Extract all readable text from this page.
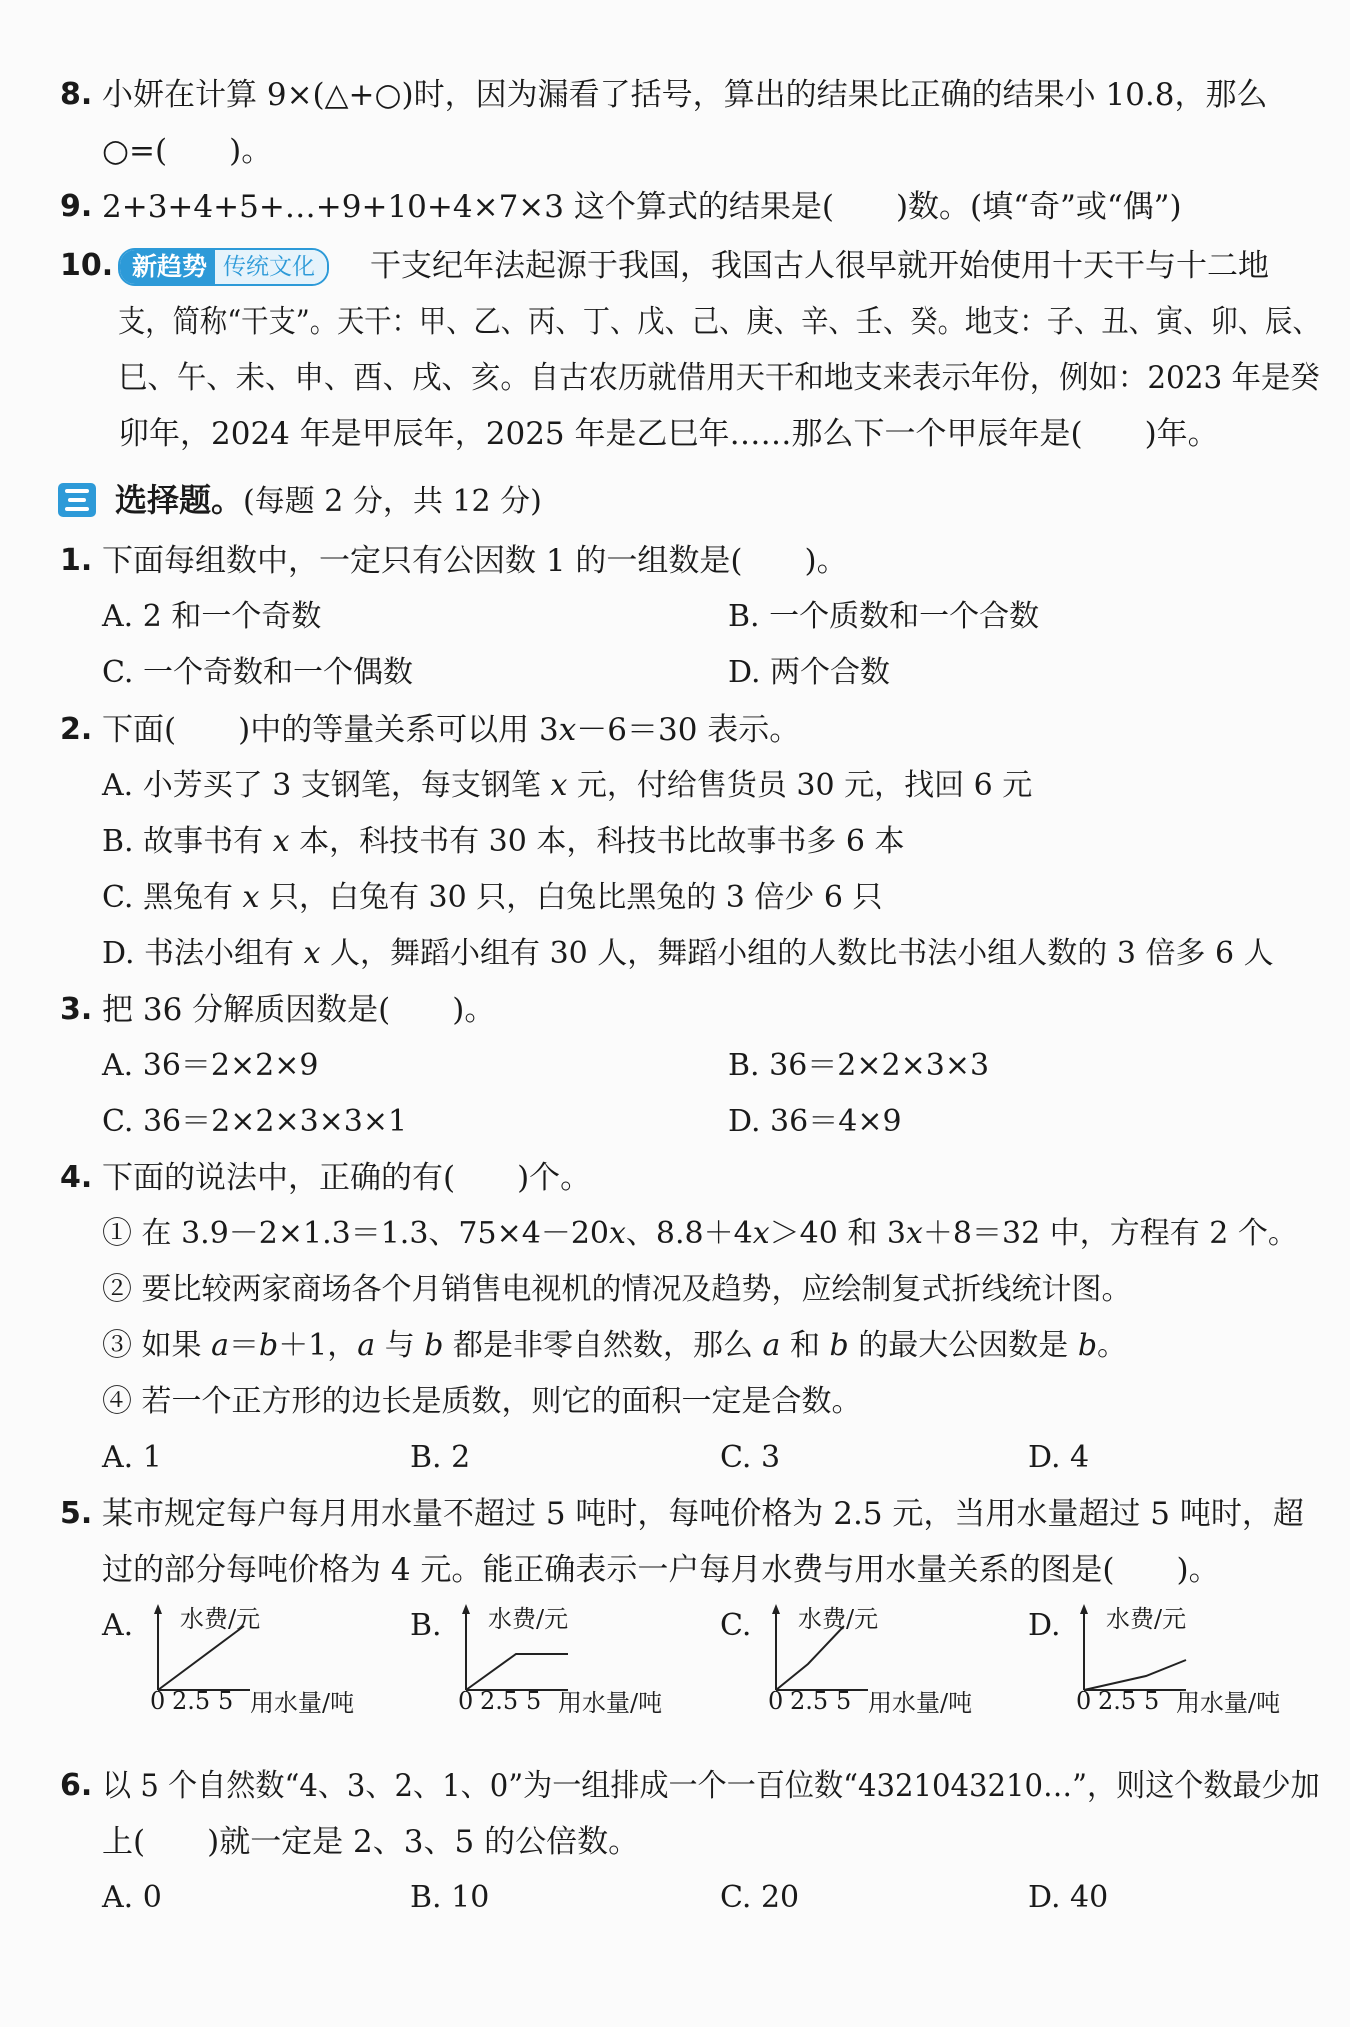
8. 小妍在计算 9×(△+○)时，因为漏看了括号，算出的结果比正确的结果小 10.8，那么
○=(　　)。
9. 2+3+4+5+…+9+10+4×7×3 这个算式的结果是(　　)数。(填“奇”或“偶”)
10. 新趋势 传统文化	干支纪年法起源于我国，我国古人很早就开始使用十天干与十二地
支，简称“干支”。天干：甲、乙、丙、丁、戊、己、庚、辛、壬、癸。地支：子、丑、寅、卯、辰、
巳、午、未、申、酉、戌、亥。自古农历就借用天干和地支来表示年份，例如：2023 年是癸
卯年，2024 年是甲辰年，2025 年是乙巳年……那么下一个甲辰年是(　　)年。
选择题。(每题 2 分，共 12 分)
1. 下面每组数中，一定只有公因数 1 的一组数是(　　)。
A. 2 和一个奇数	B. 一个质数和一个合数
C. 一个奇数和一个偶数	D. 两个合数
2. 下面(　　)中的等量关系可以用 3x－6＝30 表示。
A. 小芳买了 3 支钢笔，每支钢笔 x 元，付给售货员 30 元，找回 6 元
B. 故事书有 x 本，科技书有 30 本，科技书比故事书多 6 本
C. 黑兔有 x 只，白兔有 30 只，白兔比黑兔的 3 倍少 6 只
D. 书法小组有 x 人，舞蹈小组有 30 人，舞蹈小组的人数比书法小组人数的 3 倍多 6 人
3. 把 36 分解质因数是(　　)。
A. 36＝2×2×9	B. 36＝2×2×3×3
C. 36＝2×2×3×3×1	D. 36＝4×9
4. 下面的说法中，正确的有(　　)个。
① 在 3.9－2×1.3＝1.3、75×4－20x、8.8＋4x＞40 和 3x＋8＝32 中，方程有 2 个。
② 要比较两家商场各个月销售电视机的情况及趋势，应绘制复式折线统计图。
③ 如果 a＝b＋1，a 与 b 都是非零自然数，那么 a 和 b 的最大公因数是 b。
④ 若一个正方形的边长是质数，则它的面积一定是合数。
A. 1	B. 2	C. 3	D. 4
5. 某市规定每户每月用水量不超过 5 吨时，每吨价格为 2.5 元，当用水量超过 5 吨时，超
过的部分每吨价格为 4 元。能正确表示一户每月水费与用水量关系的图是(　　)。
A.	B.	C.	D.
水费/元
0 2.5 5 用水量/吨
水费/元
0 2.5 5 用水量/吨
水费/元
0 2.5 5 用水量/吨
水费/元
0 2.5 5 用水量/吨
6. 以 5 个自然数“4、3、2、1、0”为一组排成一个一百位数“4321043210…”，则这个数最少加
上(　　)就一定是 2、3、5 的公倍数。
A. 0	B. 10	C. 20	D. 40
